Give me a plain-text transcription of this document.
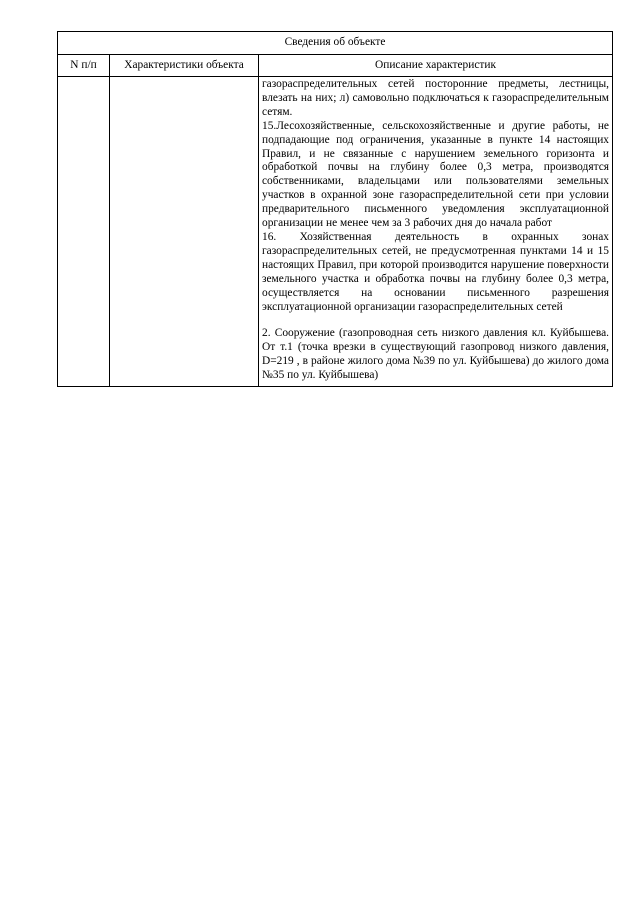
Сведения об объекте		
N п/п	Характеристики объекта	Описание характеристик

		газораспределительных сетей посторонние предметы, лестницы, влезать на них; л) самовольно подключаться к газораспределительным сетям.

15.Лесохозяйственные, сельскохозяйственные и другие работы, не подпадающие под ограничения, указанные в пункте 14 настоящих Правил, и не связанные с нарушением земельного горизонта и обработкой почвы на глубину более 0,3 метра, производятся собственниками, владельцами или пользователями земельных участков в охранной зоне газораспределительной сети при условии предварительного письменного уведомления эксплуатационной организации не менее чем за 3 рабочих дня до начала работ

16. Хозяйственная деятельность в охранных зонах газораспределительных сетей, не предусмотренная пунктами 14 и 15 настоящих Правил, при которой производится нарушение поверхности земельного участка и обработка почвы на глубину более 0,3 метра, осуществляется на основании письменного разрешения эксплуатационной организации газораспределительных сетей

2. Сооружение (газопроводная сеть низкого давления кл. Куйбышева. От т.1 (точка врезки в существующий газопровод низкого давления, D=219 , в районе жилого дома №39 по ул. Куйбышева) до жилого дома №35 по ул. Куйбышева)
